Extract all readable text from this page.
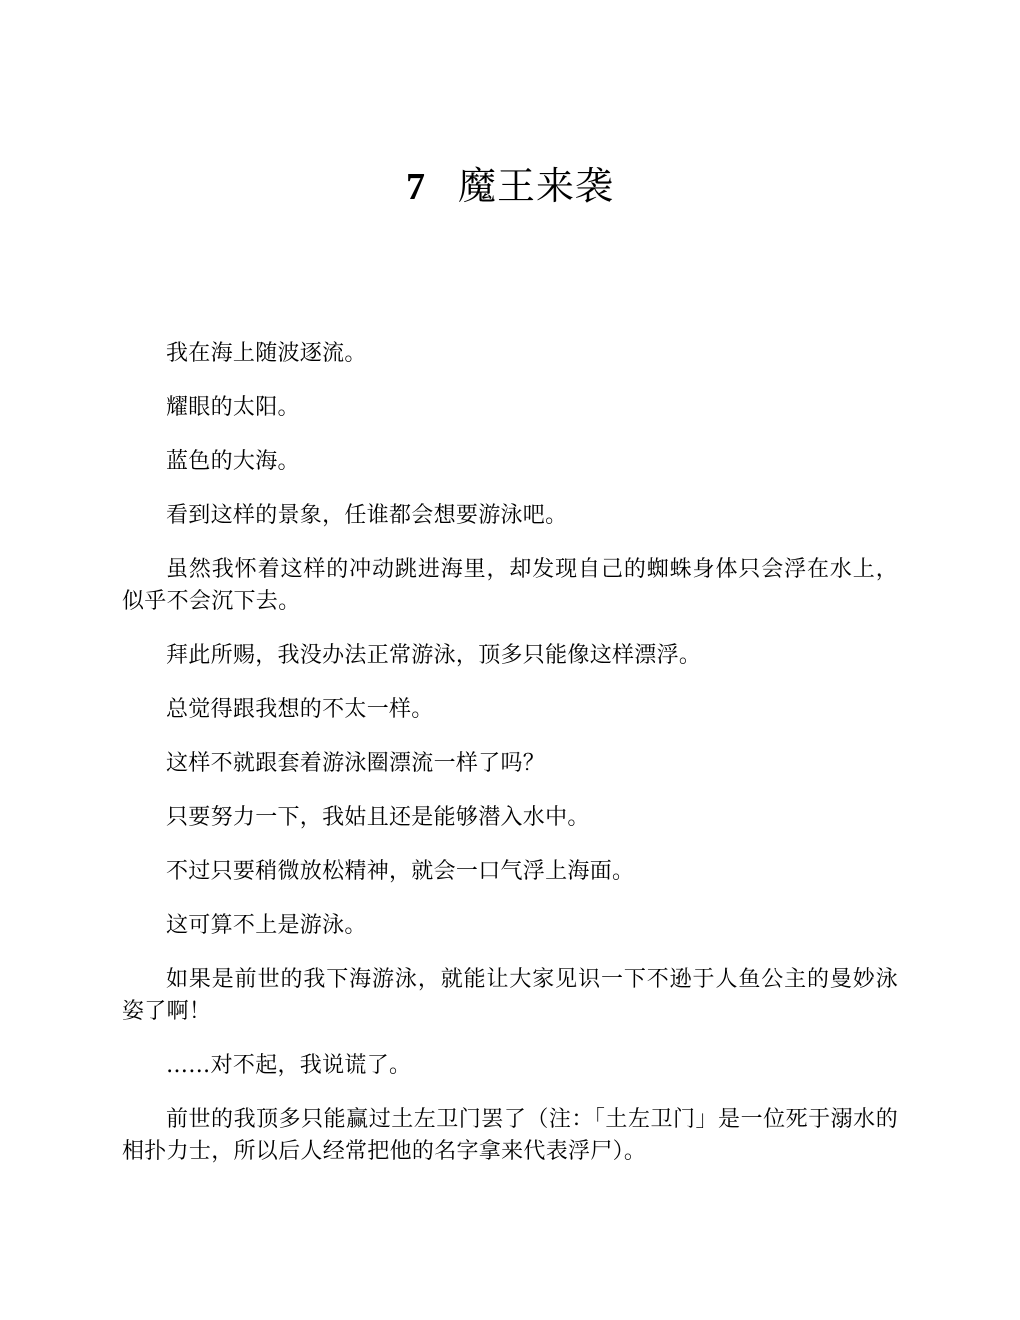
7 魔王来袭

我在海上随波逐流。

耀眼的太阳。

蓝色的大海。

看到这样的景象，任谁都会想要游泳吧。

虽然我怀着这样的冲动跳进海里，却发现自己的蜘蛛身体只会浮在水上，似乎不会沉下去。

拜此所赐，我没办法正常游泳，顶多只能像这样漂浮。

总觉得跟我想的不太一样。

这样不就跟套着游泳圈漂流一样了吗？

只要努力一下，我姑且还是能够潜入水中。

不过只要稍微放松精神，就会一口气浮上海面。

这可算不上是游泳。

如果是前世的我下海游泳，就能让大家见识一下不逊于人鱼公主的曼妙泳姿了啊！

……对不起，我说谎了。

前世的我顶多只能赢过土左卫门罢了（注：「土左卫门」是一位死于溺水的相扑力士，所以后人经常把他的名字拿来代表浮尸）。
